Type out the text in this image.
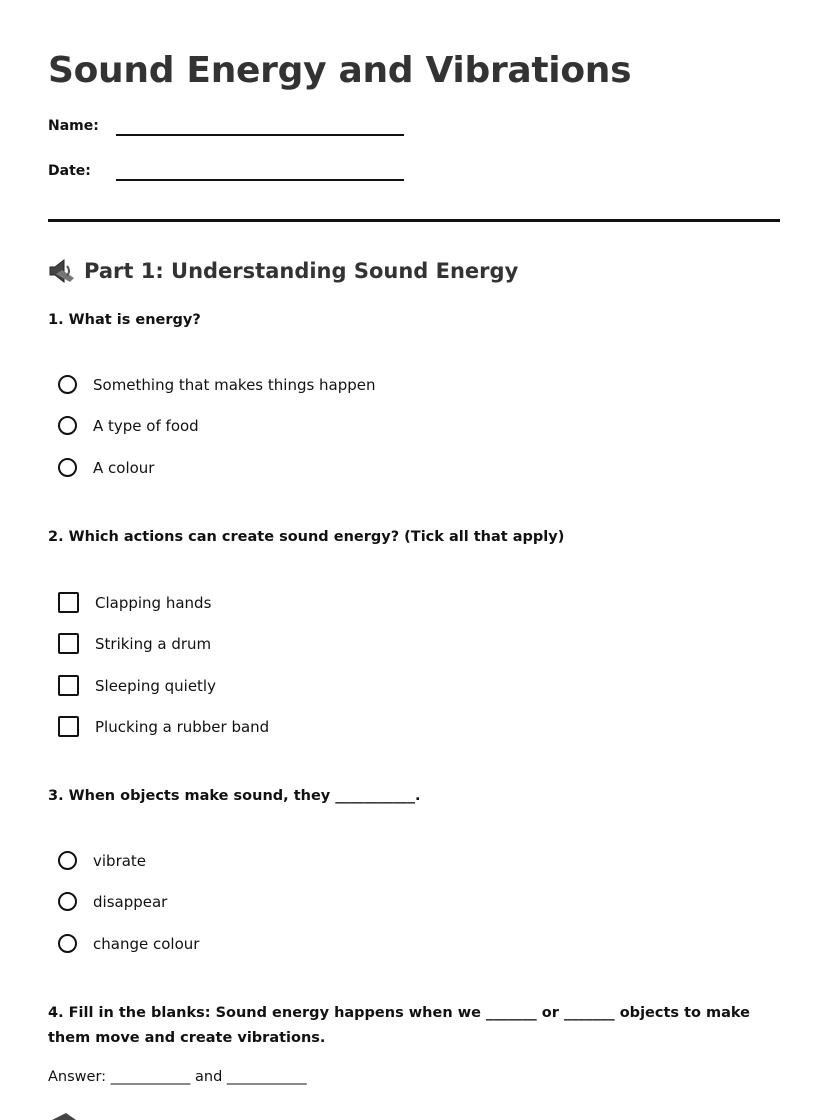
Sound Energy and Vibrations
Name:
Date:
Part 1: Understanding Sound Energy

1. What is energy?

Something that makes things happen
A type of food
A colour

2. Which actions can create sound energy? (Tick all that apply)

Clapping hands
Striking a drum
Sleeping quietly
Plucking a rubber band

3. When objects make sound, they ___________.

vibrate
disappear
change colour

4. Fill in the blanks: Sound energy happens when we _______ or _______ objects to make them move and create vibrations.

Answer: ___________ and ___________
